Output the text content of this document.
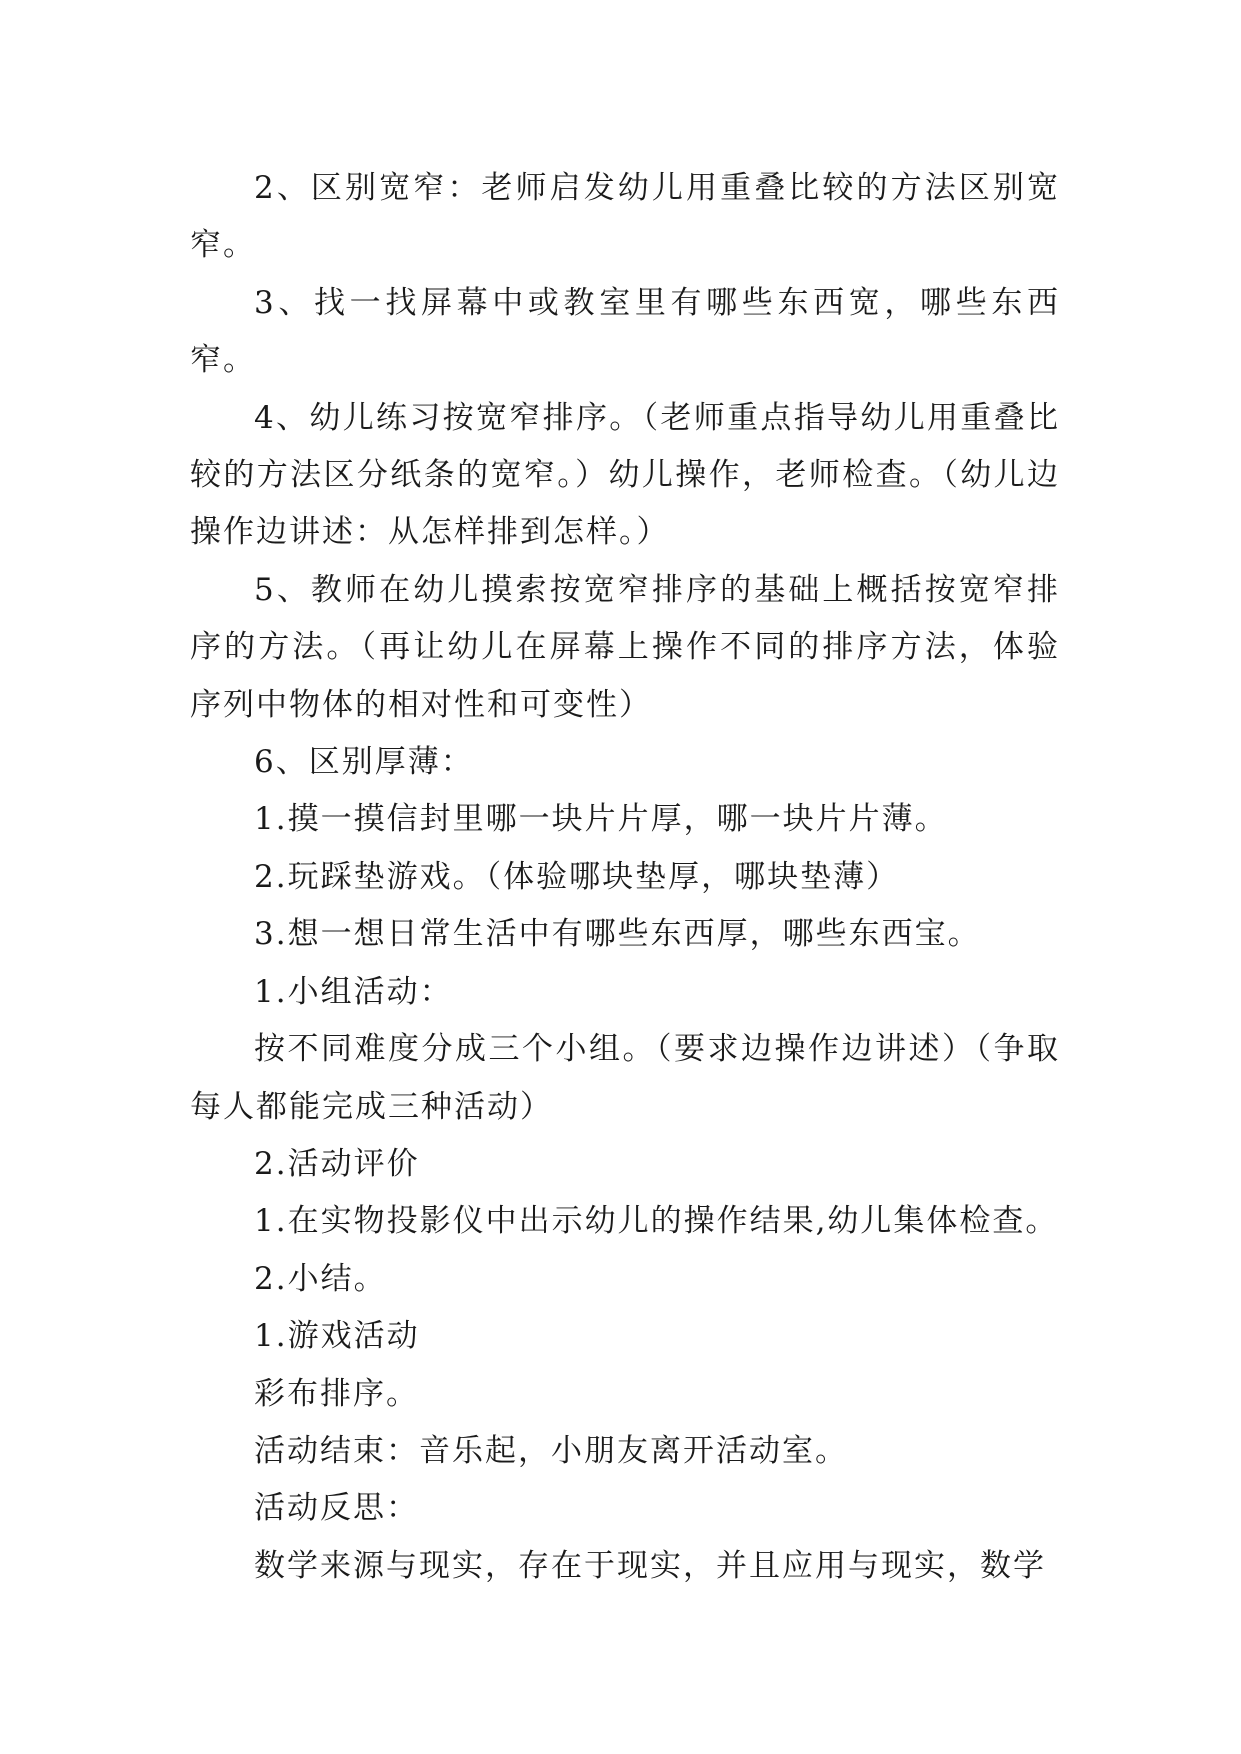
2、区别宽窄：老师启发幼儿用重叠比较的方法区别宽窄。

3、找一找屏幕中或教室里有哪些东西宽，哪些东西窄。

4、幼儿练习按宽窄排序。（老师重点指导幼儿用重叠比较的方法区分纸条的宽窄。）幼儿操作，老师检查。（幼儿边操作边讲述：从怎样排到怎样。）

5、教师在幼儿摸索按宽窄排序的基础上概括按宽窄排序的方法。（再让幼儿在屏幕上操作不同的排序方法，体验序列中物体的相对性和可变性）

6、区别厚薄：

1.摸一摸信封里哪一块片片厚，哪一块片片薄。

2.玩踩垫游戏。（体验哪块垫厚，哪块垫薄）

3.想一想日常生活中有哪些东西厚，哪些东西宝。

1.小组活动：

按不同难度分成三个小组。（要求边操作边讲述）（争取每人都能完成三种活动）

2.活动评价

1.在实物投影仪中出示幼儿的操作结果,幼儿集体检查。

2.小结。

1.游戏活动

彩布排序。

活动结束：音乐起，小朋友离开活动室。

活动反思：

数学来源与现实，存在于现实，并且应用与现实，数学
